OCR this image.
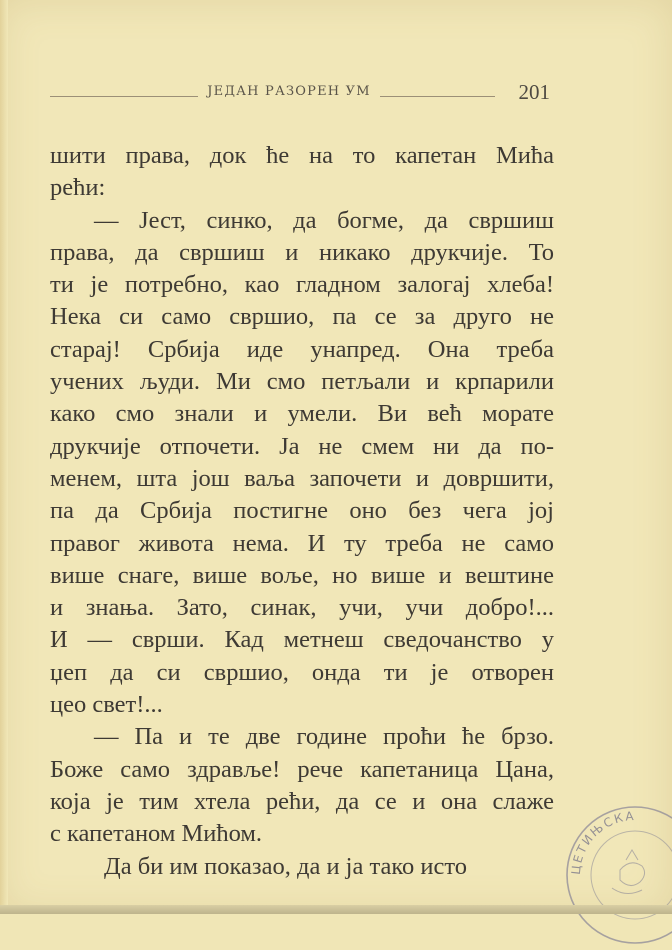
ЈЕДАН РАЗОРЕН УМ	201
шити права, док ће на то капетан Мића
рећи:
— Јест, синко, да богме, да свршиш
права, да свршиш и никако друкчије. То
ти је потребно, као гладном залогај хлеба!
Нека си само свршио, па се за друго не
старај! Србија иде унапред. Она треба
учених људи. Ми смо петљали и крпарили
како смо знали и умели. Ви већ морате
друкчије отпочети. Ја не смем ни да по-
менем, шта још ваља започети и довршити,
па да Србија постигне оно без чега јој
правог живота нема. И ту треба не само
више снаге, више воље, но више и вештине
и знања. Зато, синак, учи, учи добро!...
И — сврши. Кад метнеш сведочанство у
џеп да си свршио, онда ти је отворен
цео свет!...
— Па и те две године проћи ће брзо.
Боже само здравље! рече капетаница Цана,
која је тим хтела рећи, да се и она слаже
с капетаном Мићом.
Да би им показао, да и ја тако исто	ЦЕТИЊСКА
